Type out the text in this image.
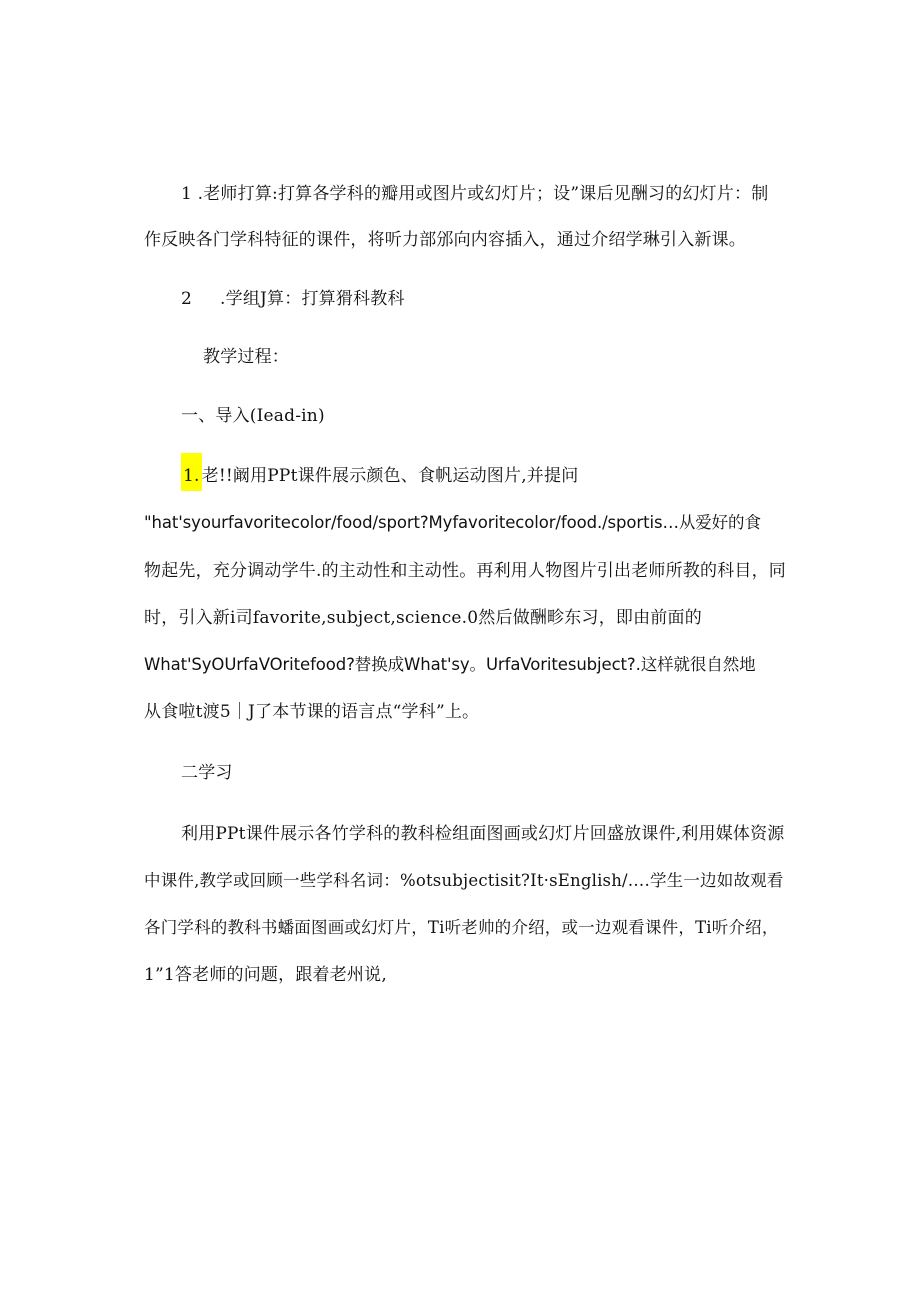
1 .老师打算:打算各学科的瓣用或图片或幻灯片；设”课后见酬习的幻灯片：制
作反映各门学科特征的课件，将听力部邠向内容插入，通过介绍学琳引入新课。
2     .学组J算：打算猾科教科
教学过程：
一、导入(Iead-in)
1. 老!!阚用PPt课件展示颜色、食帆运动图片,并提问
"hat'syourfavoritecolor/food/sport?Myfavoritecolor/food./sportis…从爱好的食
物起先，充分调动学牛.的主动性和主动性。再利用人物图片引出老师所教的科目，同
时，引入新i司favorite,subject,science.0然后做酬畛东习，即由前面的
What'SyOUrfaVOritefood?替换成What'sy。UrfaVoritesubject?.这样就很自然地
从食啦t渡5｜J了本节课的语言点“学科”上。
二学习
利用PPt课件展示各竹学科的教科检组面图画或幻灯片回盛放课件,利用媒体资源
中课件,教学或回顾一些学科名词：%otsubjectisit?It·sEnglish/….学生一边如故观看
各门学科的教科书蟠面图画或幻灯片，Ti听老帅的介绍，或一边观看课件，Ti听介绍，
1”1答老师的问题，跟着老州说,
